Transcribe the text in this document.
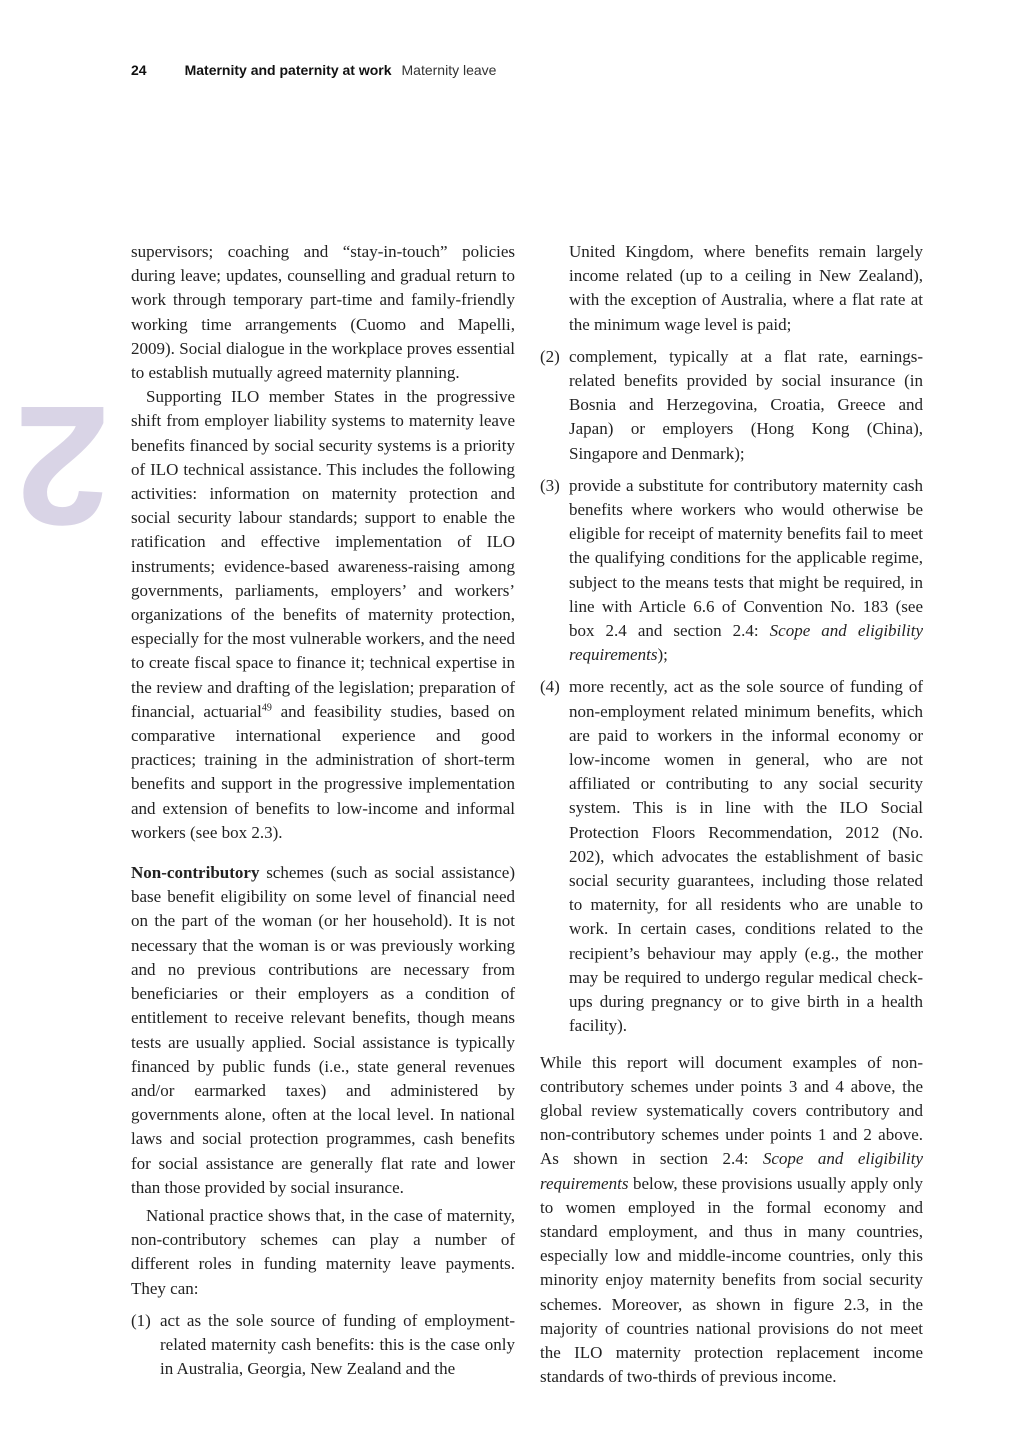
24	Maternity and paternity at work Maternity leave
2

supervisors; coaching and “stay-in-touch” policies during leave; updates, counselling and gradual return to work through temporary part-time and family-friendly working time arrangements (Cuomo and Mapelli, 2009). Social dialogue in the workplace proves essential to establish mutually agreed maternity planning.

Supporting ILO member States in the progressive shift from employer liability systems to maternity leave benefits financed by social security systems is a priority of ILO technical assistance. This includes the following activities: information on maternity protection and social security labour standards; support to enable the ratification and effective implementation of ILO instruments; evidence-based awareness-raising among governments, parliaments, employers’ and workers’ organizations of the benefits of maternity protection, especially for the most vulnerable workers, and the need to create fiscal space to finance it; technical expertise in the review and drafting of the legislation; preparation of financial, actuarial$^{49}$ and feasibility studies, based on comparative international experience and good practices; training in the administration of short-term benefits and support in the progressive implementation and extension of benefits to low-income and informal workers (see box 2.3).

Non-contributory schemes (such as social assistance) base benefit eligibility on some level of financial need on the part of the woman (or her household). It is not necessary that the woman is or was previously working and no previous contributions are necessary from beneficiaries or their employers as a condition of entitlement to receive relevant benefits, though means tests are usually applied. Social assistance is typically financed by public funds (i.e., state general revenues and/or earmarked taxes) and administered by governments alone, often at the local level. In national laws and social protection programmes, cash benefits for social assistance are generally flat rate and lower than those provided by social insurance.

National practice shows that, in the case of maternity, non-contributory schemes can play a number of different roles in funding maternity leave payments. They can:

(1) act as the sole source of funding of employment-related maternity cash benefits: this is the case only in Australia, Georgia, New Zealand and the

United Kingdom, where benefits remain largely income related (up to a ceiling in New Zealand), with the exception of Australia, where a flat rate at the minimum wage level is paid;

(2) complement, typically at a flat rate, earnings-related benefits provided by social insurance (in Bosnia and Herzegovina, Croatia, Greece and Japan) or employers (Hong Kong (China), Singapore and Denmark);
(3) provide a substitute for contributory maternity cash benefits where workers who would otherwise be eligible for receipt of maternity benefits fail to meet the qualifying conditions for the applicable regime, subject to the means tests that might be required, in line with Article 6.6 of Convention No. 183 (see box 2.4 and section 2.4: Scope and eligibility requirements);
(4) more recently, act as the sole source of funding of non-employment related minimum benefits, which are paid to workers in the informal economy or low-income women in general, who are not affiliated or contributing to any social security system. This is in line with the ILO Social Protection Floors Recommendation, 2012 (No. 202), which advocates the establishment of basic social security guarantees, including those related to maternity, for all residents who are unable to work. In certain cases, conditions related to the recipient’s behaviour may apply (e.g., the mother may be required to undergo regular medical check-ups during pregnancy or to give birth in a health facility).

While this report will document examples of non-contributory schemes under points 3 and 4 above, the global review systematically covers contributory and non-contributory schemes under points 1 and 2 above. As shown in section 2.4: Scope and eligibility requirements below, these provisions usually apply only to women employed in the formal economy and standard employment, and thus in many countries, especially low and middle-income countries, only this minority enjoy maternity benefits from social security schemes. Moreover, as shown in figure 2.3, in the majority of countries national provisions do not meet the ILO maternity protection replacement income standards of two-thirds of previous income.
